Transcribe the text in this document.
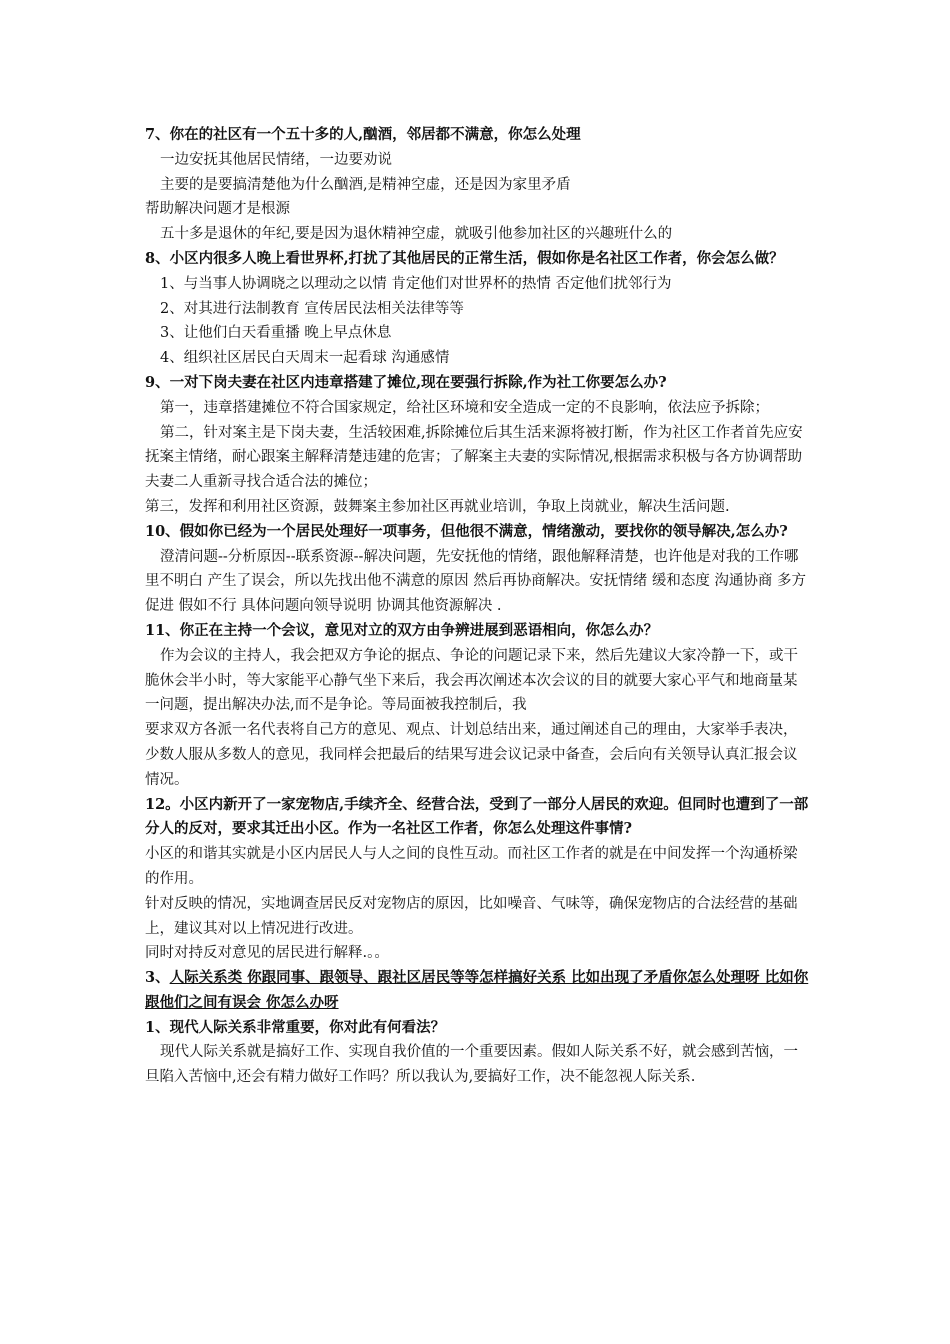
7、你在的社区有一个五十多的人,酗酒，邻居都不满意，你怎么处理

一边安抚其他居民情绪，一边要劝说

主要的是要搞清楚他为什么酗酒,是精神空虚，还是因为家里矛盾

帮助解决问题才是根源

五十多是退休的年纪,要是因为退休精神空虚，就吸引他参加社区的兴趣班什么的

8、小区内很多人晚上看世界杯,打扰了其他居民的正常生活，假如你是名社区工作者，你会怎么做？

1、与当事人协调晓之以理动之以情 肯定他们对世界杯的热情 否定他们扰邻行为

2、对其进行法制教育 宣传居民法相关法律等等

3、让他们白天看重播 晚上早点休息

4、组织社区居民白天周末一起看球 沟通感情

9、一对下岗夫妻在社区内违章搭建了摊位,现在要强行拆除,作为社工你要怎么办?

第一，违章搭建摊位不符合国家规定，给社区环境和安全造成一定的不良影响，依法应予拆除；

第二，针对案主是下岗夫妻，生活较困难,拆除摊位后其生活来源将被打断，作为社区工作者首先应安抚案主情绪，耐心跟案主解释清楚违建的危害；了解案主夫妻的实际情况,根据需求积极与各方协调帮助夫妻二人重新寻找合适合法的摊位；

第三，发挥和利用社区资源，鼓舞案主参加社区再就业培训，争取上岗就业，解决生活问题.

10、假如你已经为一个居民处理好一项事务，但他很不满意，情绪激动，要找你的领导解决,怎么办?

澄清问题--分析原因--联系资源--解决问题，先安抚他的情绪，跟他解释清楚，也许他是对我的工作哪里不明白 产生了误会，所以先找出他不满意的原因 然后再协商解决。安抚情绪 缓和态度 沟通协商 多方促进 假如不行 具体问题向领导说明 协调其他资源解决 .

11、你正在主持一个会议，意见对立的双方由争辨进展到恶语相向，你怎么办？

作为会议的主持人，我会把双方争论的据点、争论的问题记录下来，然后先建议大家冷静一下，或干脆休会半小时，等大家能平心静气坐下来后，我会再次阐述本次会议的目的就要大家心平气和地商量某一问题，提出解决办法,而不是争论。等局面被我控制后，我

要求双方各派一名代表将自己方的意见、观点、计划总结出来，通过阐述自己的理由，大家举手表决，少数人服从多数人的意见，我同样会把最后的结果写进会议记录中备查，会后向有关领导认真汇报会议情况。

12。小区内新开了一家宠物店,手续齐全、经营合法，受到了一部分人居民的欢迎。但同时也遭到了一部分人的反对，要求其迁出小区。作为一名社区工作者，你怎么处理这件事情?

小区的和谐其实就是小区内居民人与人之间的良性互动。而社区工作者的就是在中间发挥一个沟通桥梁的作用。

针对反映的情况，实地调查居民反对宠物店的原因，比如噪音、气味等，确保宠物店的合法经营的基础上，建议其对以上情况进行改进。

同时对持反对意见的居民进行解释.。。

3、人际关系类 你跟同事、跟领导、跟社区居民等等怎样搞好关系 比如出现了矛盾你怎么处理呀 比如你跟他们之间有误会 你怎么办呀

1、现代人际关系非常重要，你对此有何看法？

现代人际关系就是搞好工作、实现自我价值的一个重要因素。假如人际关系不好，就会感到苦恼，一旦陷入苦恼中,还会有精力做好工作吗？所以我认为,要搞好工作，决不能忽视人际关系.
